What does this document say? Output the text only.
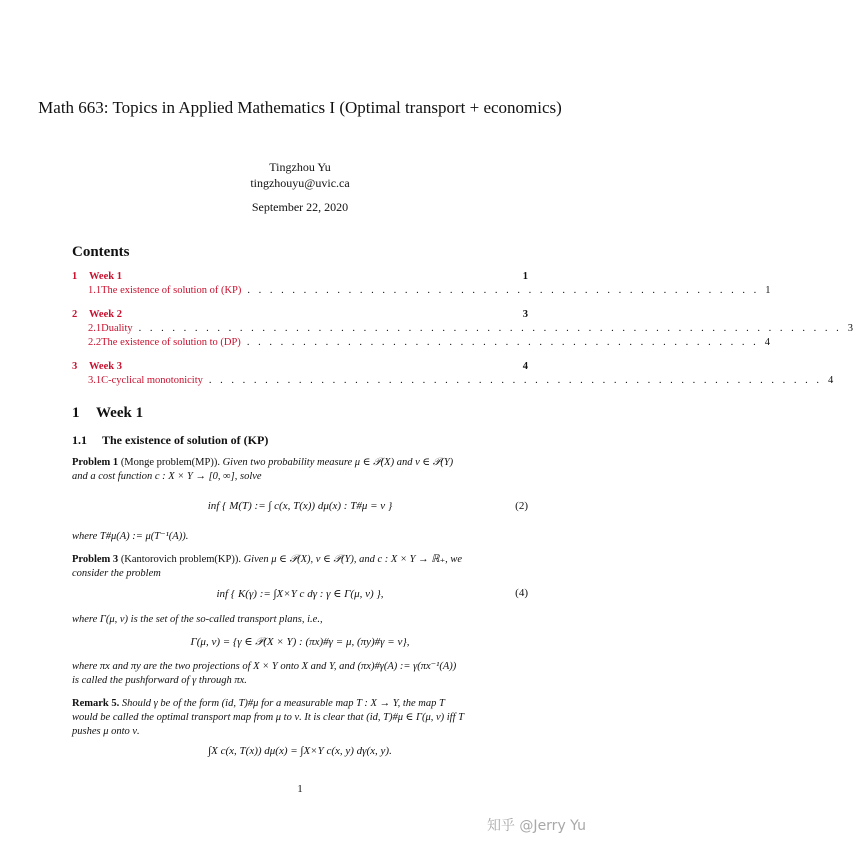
Math 663: Topics in Applied Mathematics I (Optimal transport + economics)
Tingzhou Yu
tingzhouyu@uvic.ca
September 22, 2020
Contents
1	Week 1	1
1.1 The existence of solution of (KP) . . . . . . . . . . . . . . . . . . . . . . . . . . . . . . . . . . . . . . . . . . . . . . 1
2	Week 2	3
2.1 Duality . . . . . . . . . . . . . . . . . . . . . . . . . . . . . . . . . . . . . . . . . . . . . . . . . . . . . . . . . . . . . . . 3
2.2 The existence of solution to (DP) . . . . . . . . . . . . . . . . . . . . . . . . . . . . . . . . . . . . . . . . . . . . . . 4
3	Week 3	4
3.1 C-cyclical monotonicity . . . . . . . . . . . . . . . . . . . . . . . . . . . . . . . . . . . . . . . . . . . . . . . . . . . . . . . 4
1 Week 1
1.1 The existence of solution of (KP)
Problem 1 (Monge problem(MP)). Given two probability measure μ ∈ 𝒫(X) and ν ∈ 𝒫(Y)
and a cost function c : X × Y → [0, ∞], solve
inf { M(T) := ∫ c(x, T(x)) dμ(x) : T#μ = ν }	(2)
where T#μ(A) := μ(T⁻¹(A)).
Problem 3 (Kantorovich problem(KP)). Given μ ∈ 𝒫(X), ν ∈ 𝒫(Y), and c : X × Y → ℝ₊, we
consider the problem
inf { K(γ) := ∫X×Y c dγ : γ ∈ Γ(μ, ν) },	(4)
where Γ(μ, ν) is the set of the so-called transport plans, i.e.,
Γ(μ, ν) = {γ ∈ 𝒫(X × Y) : (πx)#γ = μ, (πy)#γ = ν},
where πx and πy are the two projections of X × Y onto X and Y, and (πx)#γ(A) := γ(πx⁻¹(A))
is called the pushforward of γ through πx.
Remark 5. Should γ be of the form (id, T)#μ for a measurable map T : X → Y, the map T
would be called the optimal transport map from μ to ν. It is clear that (id, T)#μ ∈ Γ(μ, ν) iff T
pushes μ onto ν.
∫X c(x, T(x)) dμ(x) = ∫X×Y c(x, y) dγ(x, y).
1
知乎 @Jerry Yu
